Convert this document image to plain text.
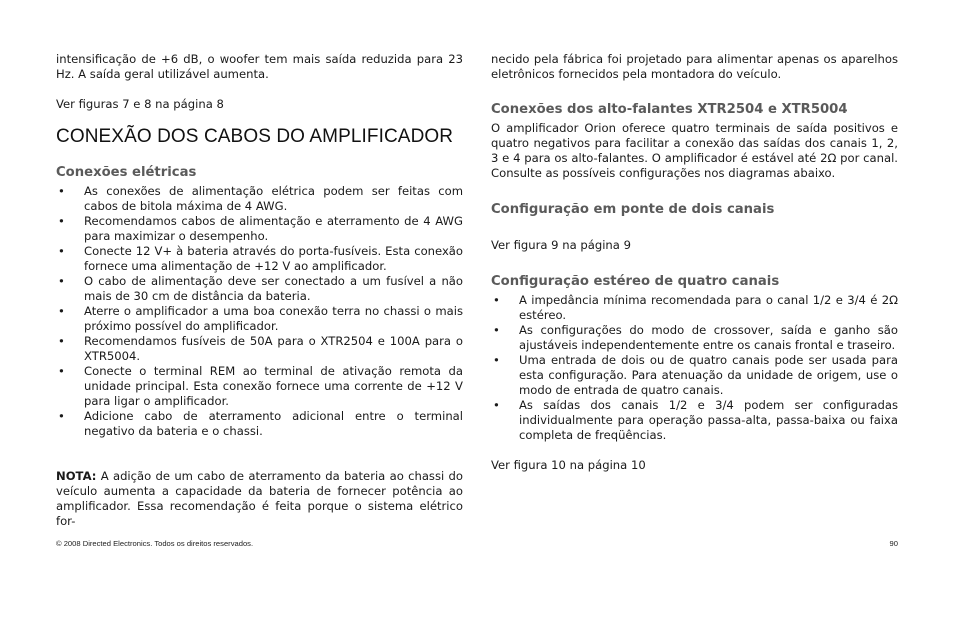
intensificação de +6 dB, o woofer tem mais saída reduzida para 23 Hz. A saída geral utilizável aumenta.

Ver figuras 7 e 8 na página 8

CONEXÃO DOS CABOS DO AMPLIFICADOR
Conexões elétricas
• As conexões de alimentação elétrica podem ser feitas com cabos de bitola máxima de 4 AWG.
• Recomendamos cabos de alimentação e aterramento de 4 AWG para maximizar o desempenho.
• Conecte 12 V+ à bateria através do porta-fusíveis. Esta conexão fornece uma alimentação de +12 V ao amplificador.
• O cabo de alimentação deve ser conectado a um fusível a não mais de 30 cm de distância da bateria.
• Aterre o amplificador a uma boa conexão terra no chassi o mais próximo possível do amplificador.
• Recomendamos fusíveis de 50A para o XTR2504 e 100A para o XTR5004.
• Conecte o terminal REM ao terminal de ativação remota da unidade principal. Esta conexão fornece uma corrente de +12 V para ligar o amplificador.
• Adicione cabo de aterramento adicional entre o terminal negativo da bateria e o chassi.

NOTA: A adição de um cabo de aterramento da bateria ao chassi do veículo aumenta a capacidade da bateria de fornecer potência ao amplificador. Essa recomendação é feita porque o sistema elétrico for-

necido pela fábrica foi projetado para alimentar apenas os aparelhos eletrônicos fornecidos pela montadora do veículo.

Conexões dos alto-falantes XTR2504 e XTR5004

O amplificador Orion oferece quatro terminais de saída positivos e quatro negativos para facilitar a conexão das saídas dos canais 1, 2, 3 e 4 para os alto-falantes. O amplificador é estável até 2Ω por canal. Consulte as possíveis configurações nos diagramas abaixo.

Configuração em ponte de dois canais

Ver figura 9 na página 9

Configuração estéreo de quatro canais
• A impedância mínima recomendada para o canal 1/2 e 3/4 é 2Ω estéreo.
• As configurações do modo de crossover, saída e ganho são ajustáveis independentemente entre os canais frontal e traseiro.
• Uma entrada de dois ou de quatro canais pode ser usada para esta configuração. Para atenuação da unidade de origem, use o modo de entrada de quatro canais.
• As saídas dos canais 1/2 e 3/4 podem ser configuradas individualmente para operação passa-alta, passa-baixa ou faixa completa de freqüências.

Ver figura 10 na página 10

© 2008 Directed Electronics. Todos os direitos reservados.	90
